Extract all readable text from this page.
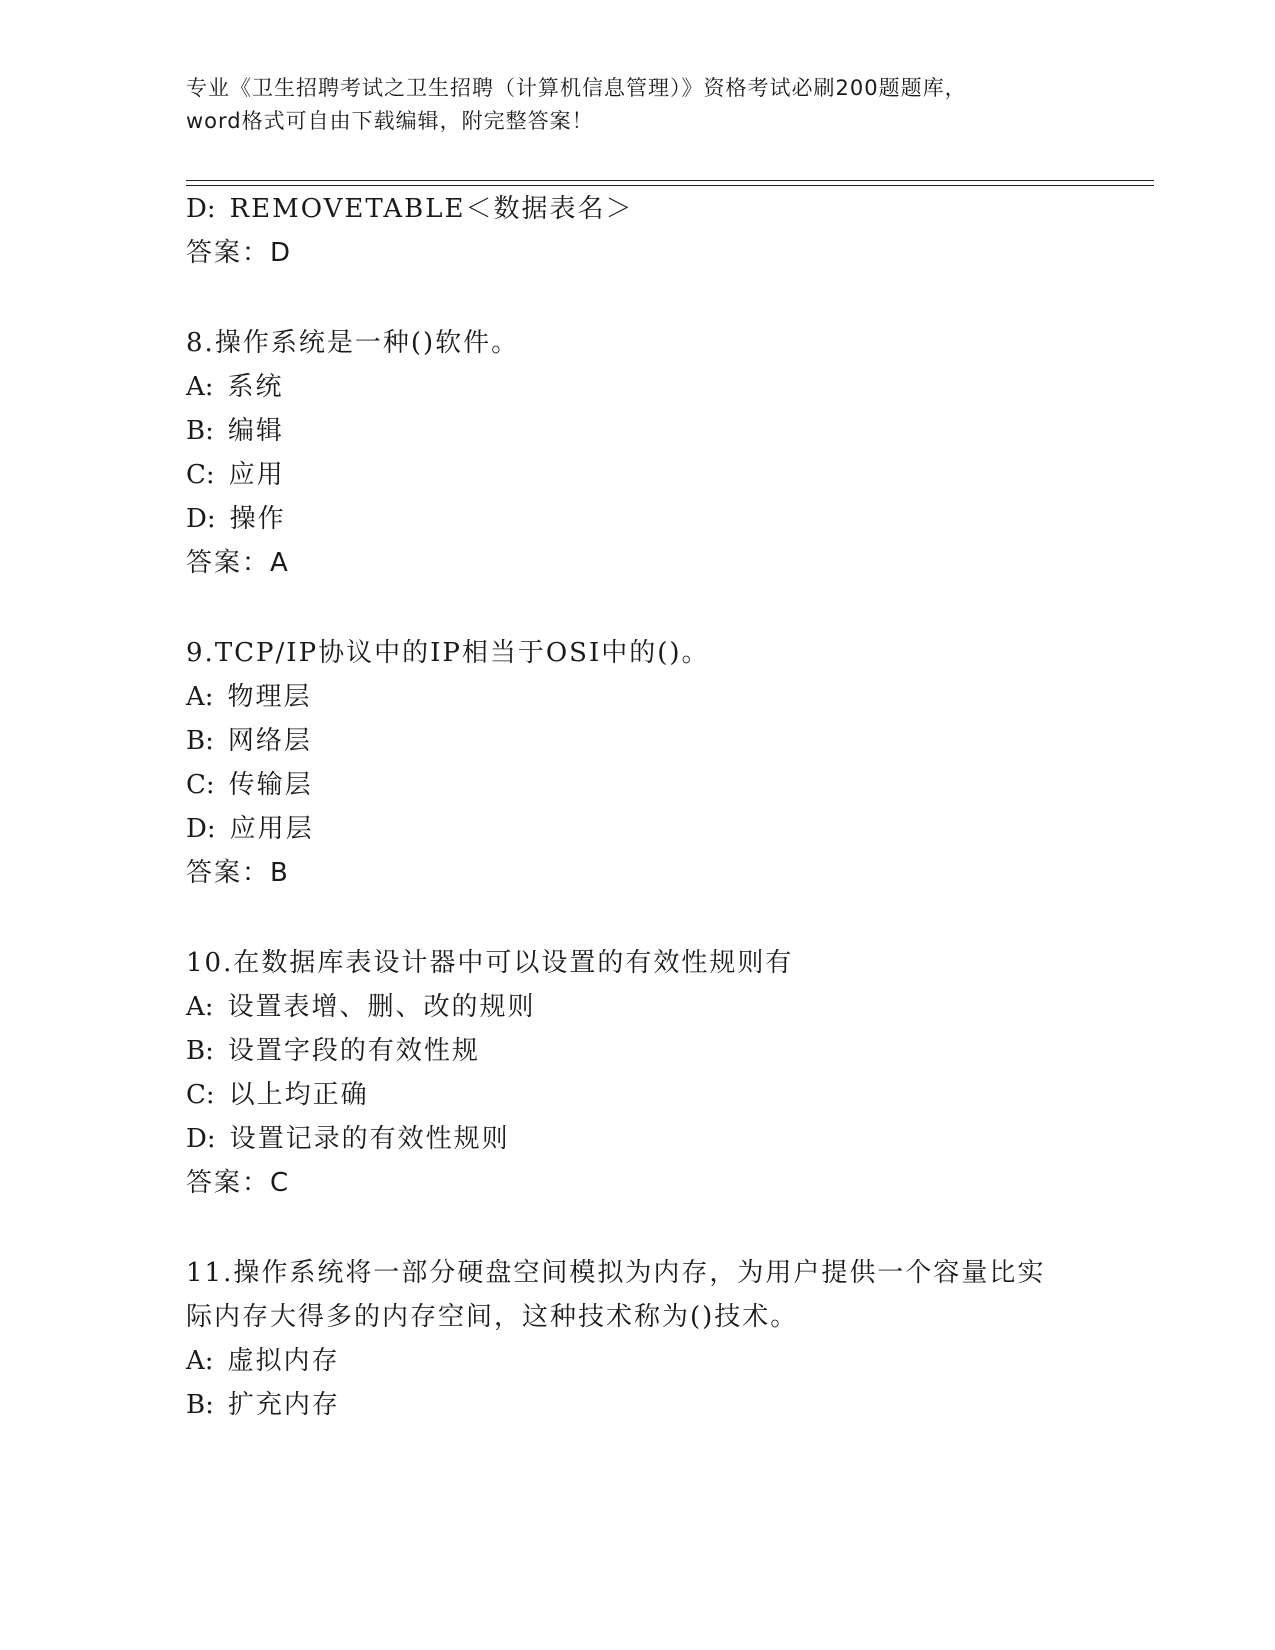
专业《卫生招聘考试之卫生招聘（计算机信息管理）》资格考试必刷200题题库，
word格式可自由下载编辑，附完整答案！
D: REMOVETABLE＜数据表名＞
答案：D
8.操作系统是一种()软件。
A: 系统
B: 编辑
C: 应用
D: 操作
答案：A
9.TCP/IP协议中的IP相当于OSI中的()。
A: 物理层
B: 网络层
C: 传输层
D: 应用层
答案：B
10.在数据库表设计器中可以设置的有效性规则有
A: 设置表增、删、改的规则
B: 设置字段的有效性规
C: 以上均正确
D: 设置记录的有效性规则
答案：C
11.操作系统将一部分硬盘空间模拟为内存，为用户提供一个容量比实
际内存大得多的内存空间，这种技术称为()技术。
A: 虚拟内存
B: 扩充内存
